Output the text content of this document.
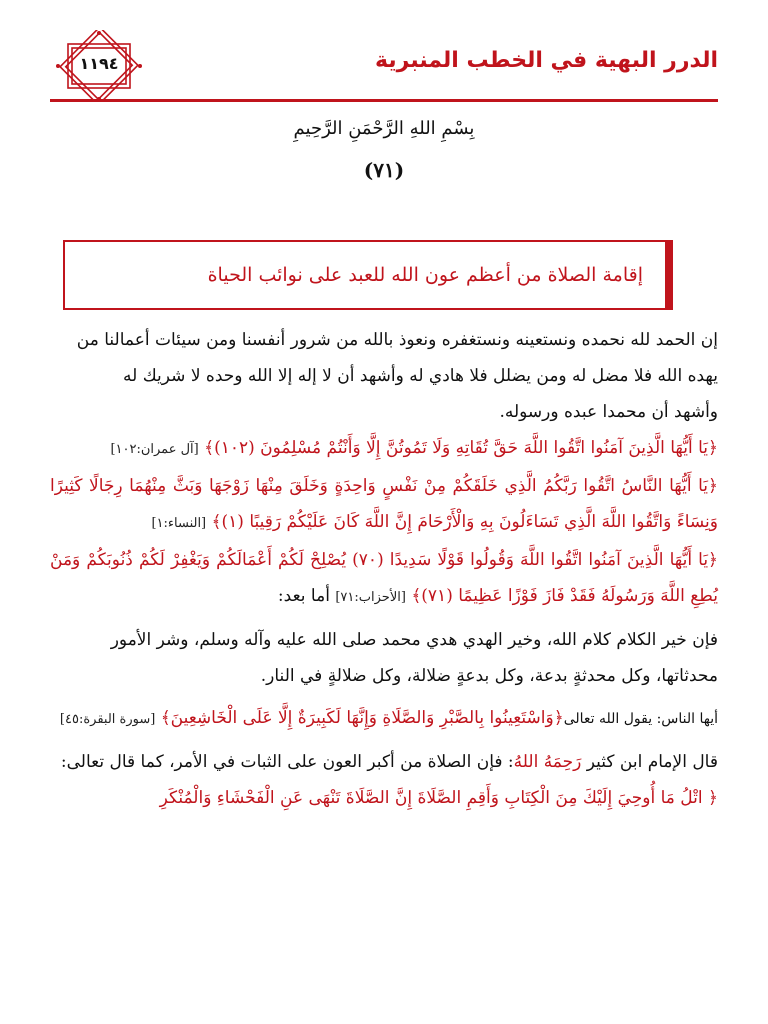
١١٩٤	الدرر البهية في الخطب المنبرية
بِسْمِ اللهِ الرَّحْمَنِ الرَّحِيمِ
(٧١)
إقامة الصلاة من أعظم عون الله للعبد على نوائب الحياة

إن الحمد لله نحمده ونستعينه ونستغفره ونعوذ بالله من شرور أنفسنا ومن سيئات أعمالنا من

يهده الله فلا مضل له ومن يضلل فلا هادي له وأشهد أن لا إله إلا الله وحده لا شريك له

وأشهد أن محمدا عبده ورسوله.

﴿يَا أَيُّهَا الَّذِينَ آمَنُوا اتَّقُوا اللَّهَ حَقَّ تُقَاتِهِ وَلَا تَمُوتُنَّ إِلَّا وَأَنْتُمْ مُسْلِمُونَ (١٠٢)﴾ [آل عمران:١٠٢]

﴿يَا أَيُّهَا النَّاسُ اتَّقُوا رَبَّكُمُ الَّذِي خَلَقَكُمْ مِنْ نَفْسٍ وَاحِدَةٍ وَخَلَقَ مِنْهَا زَوْجَهَا وَبَثَّ مِنْهُمَا رِجَالًا كَثِيرًا وَنِسَاءً وَاتَّقُوا اللَّهَ الَّذِي تَسَاءَلُونَ بِهِ وَالْأَرْحَامَ إِنَّ اللَّهَ كَانَ عَلَيْكُمْ رَقِيبًا (١)﴾ [النساء:١]

﴿يَا أَيُّهَا الَّذِينَ آمَنُوا اتَّقُوا اللَّهَ وَقُولُوا قَوْلًا سَدِيدًا (٧٠) يُصْلِحْ لَكُمْ أَعْمَالَكُمْ وَيَغْفِرْ لَكُمْ ذُنُوبَكُمْ وَمَنْ يُطِعِ اللَّهَ وَرَسُولَهُ فَقَدْ فَازَ فَوْزًا عَظِيمًا (٧١)﴾ [الأحزاب:٧١] أما بعد:

فإن خير الكلام كلام الله، وخير الهدي هدي محمد صلى الله عليه وآله وسلم، وشر الأمور

محدثاتها، وكل محدثةٍ بدعة، وكل بدعةٍ ضلالة، وكل ضلالةٍ في النار.

أيها الناس: يقول الله تعالى﴿وَاسْتَعِينُوا بِالصَّبْرِ وَالصَّلَاةِ وَإِنَّهَا لَكَبِيرَةٌ إِلَّا عَلَى الْخَاشِعِينَ﴾ [سورة البقرة:٤٥]

قال الإمام ابن كثير رَحِمَهُ اللهُ: فإن الصلاة من أكبر العون على الثبات في الأمر، كما قال تعالى:

﴿ اتْلُ مَا أُوحِيَ إِلَيْكَ مِنَ الْكِتَابِ وَأَقِمِ الصَّلَاةَ إِنَّ الصَّلَاةَ تَنْهَى عَنِ الْفَحْشَاءِ وَالْمُنْكَرِ
